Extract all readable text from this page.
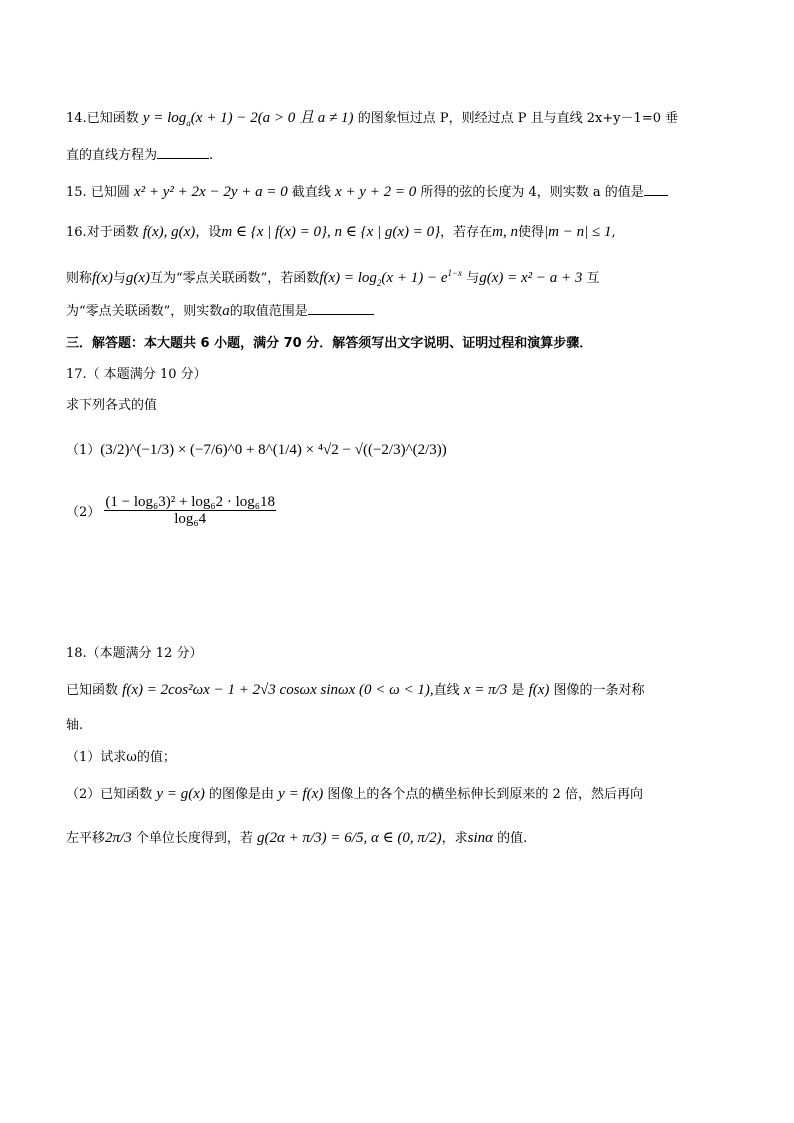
14.已知函数 $y = \log_a(x + 1) - 2(a > 0$ 且 a ≠ 1) 的图象恒过点 P，则经过点 P 且与直线 2x+y－1=0 垂
直的直线方程为	.
15. 已知圆 x² + y² + 2x − 2y + a = 0 截直线 x + y + 2 = 0 所得的弦的长度为 4，则实数 a 的值是
16.对于函数 f(x), g(x)，设m ∈ {x | f(x) = 0}, n ∈ {x | g(x) = 0}，若存在m, n使得|m − n| ≤ 1,
则称f(x)与g(x)互为“零点关联函数”，若函数$f(x) = \log_2(x + 1) - e^{1-x}$ 与g(x) = x² − a + 3 互
为“零点关联函数”，则实数a的取值范围是
三．解答题：本大题共 6 小题，满分 70 分．解答须写出文字说明、证明过程和演算步骤．
17.（ 本题满分 10 分）
求下列各式的值
（1）(3/2)^(−1/3) × (−7/6)^0 + 8^(1/4) × ⁴√2 − √((−2/3)^(2/3))
$(2) \frac{\text{(1 − log₆3)² + log₆2 · log₆18}}{\text{log₆4}}$
18.（本题满分 12 分）
已知函数 f(x) = 2cos²ωx − 1 + 2√3 cosωx sinωx (0 < ω < 1),直线 x = π/3 是 f(x) 图像的一条对称
轴.
（1）试求ω的值；
（2）已知函数 y = g(x) 的图像是由 y = f(x) 图像上的各个点的横坐标伸长到原来的 2 倍，然后再向
左平移2π/3 个单位长度得到，若 g(2α + π/3) = 6/5, α ∈ (0, π/2)，求sinα 的值.
